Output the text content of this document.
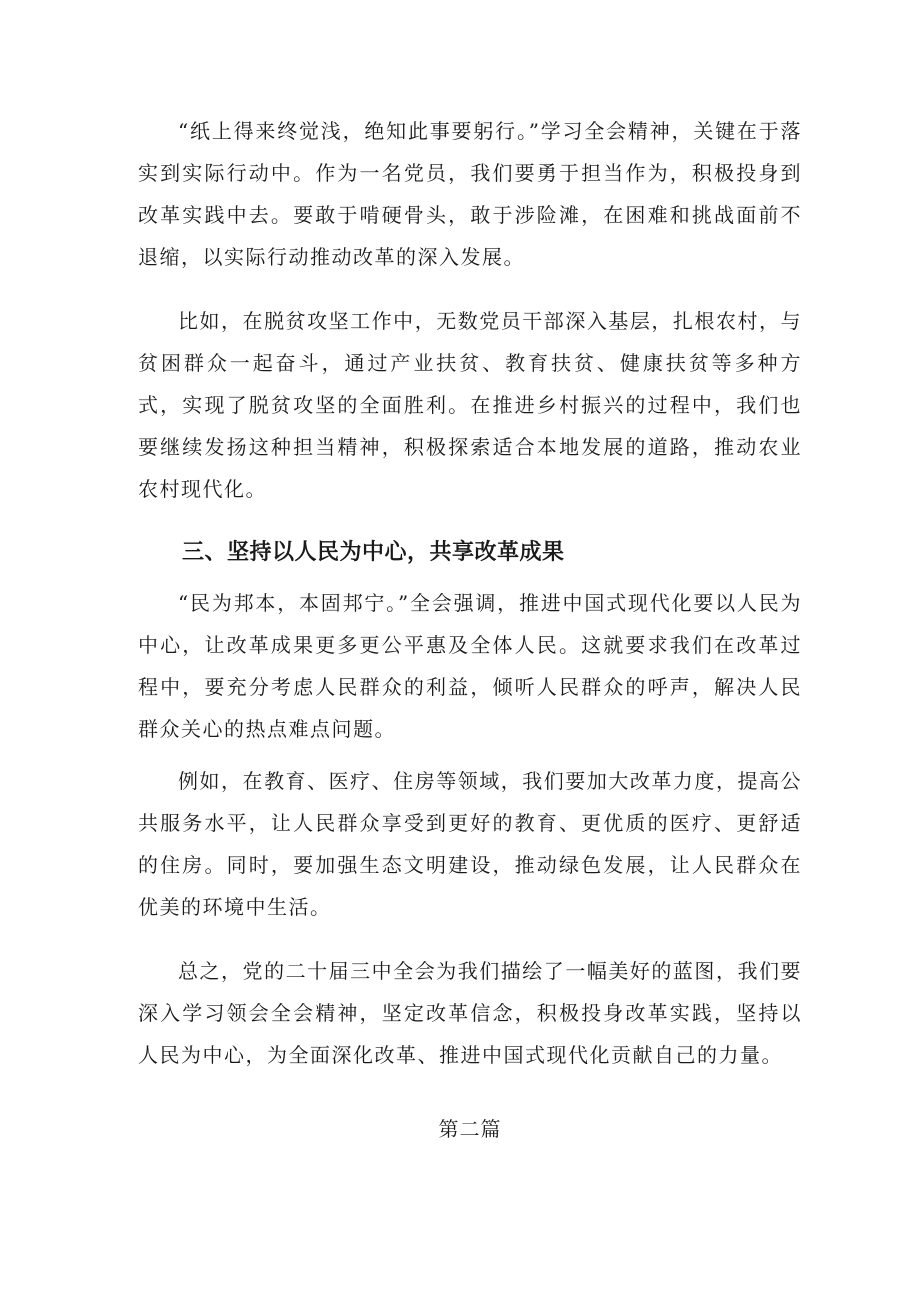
“纸上得来终觉浅，绝知此事要躬行。”学习全会精神，关键在于落实到实际行动中。作为一名党员，我们要勇于担当作为，积极投身到改革实践中去。要敢于啃硬骨头，敢于涉险滩，在困难和挑战面前不退缩，以实际行动推动改革的深入发展。

比如，在脱贫攻坚工作中，无数党员干部深入基层，扎根农村，与贫困群众一起奋斗，通过产业扶贫、教育扶贫、健康扶贫等多种方式，实现了脱贫攻坚的全面胜利。在推进乡村振兴的过程中，我们也要继续发扬这种担当精神，积极探索适合本地发展的道路，推动农业农村现代化。

三、坚持以人民为中心，共享改革成果

“民为邦本，本固邦宁。”全会强调，推进中国式现代化要以人民为中心，让改革成果更多更公平惠及全体人民。这就要求我们在改革过程中，要充分考虑人民群众的利益，倾听人民群众的呼声，解决人民群众关心的热点难点问题。

例如，在教育、医疗、住房等领域，我们要加大改革力度，提高公共服务水平，让人民群众享受到更好的教育、更优质的医疗、更舒适的住房。同时，要加强生态文明建设，推动绿色发展，让人民群众在优美的环境中生活。

总之，党的二十届三中全会为我们描绘了一幅美好的蓝图，我们要深入学习领会全会精神，坚定改革信念，积极投身改革实践，坚持以人民为中心，为全面深化改革、推进中国式现代化贡献自己的力量。

第二篇
